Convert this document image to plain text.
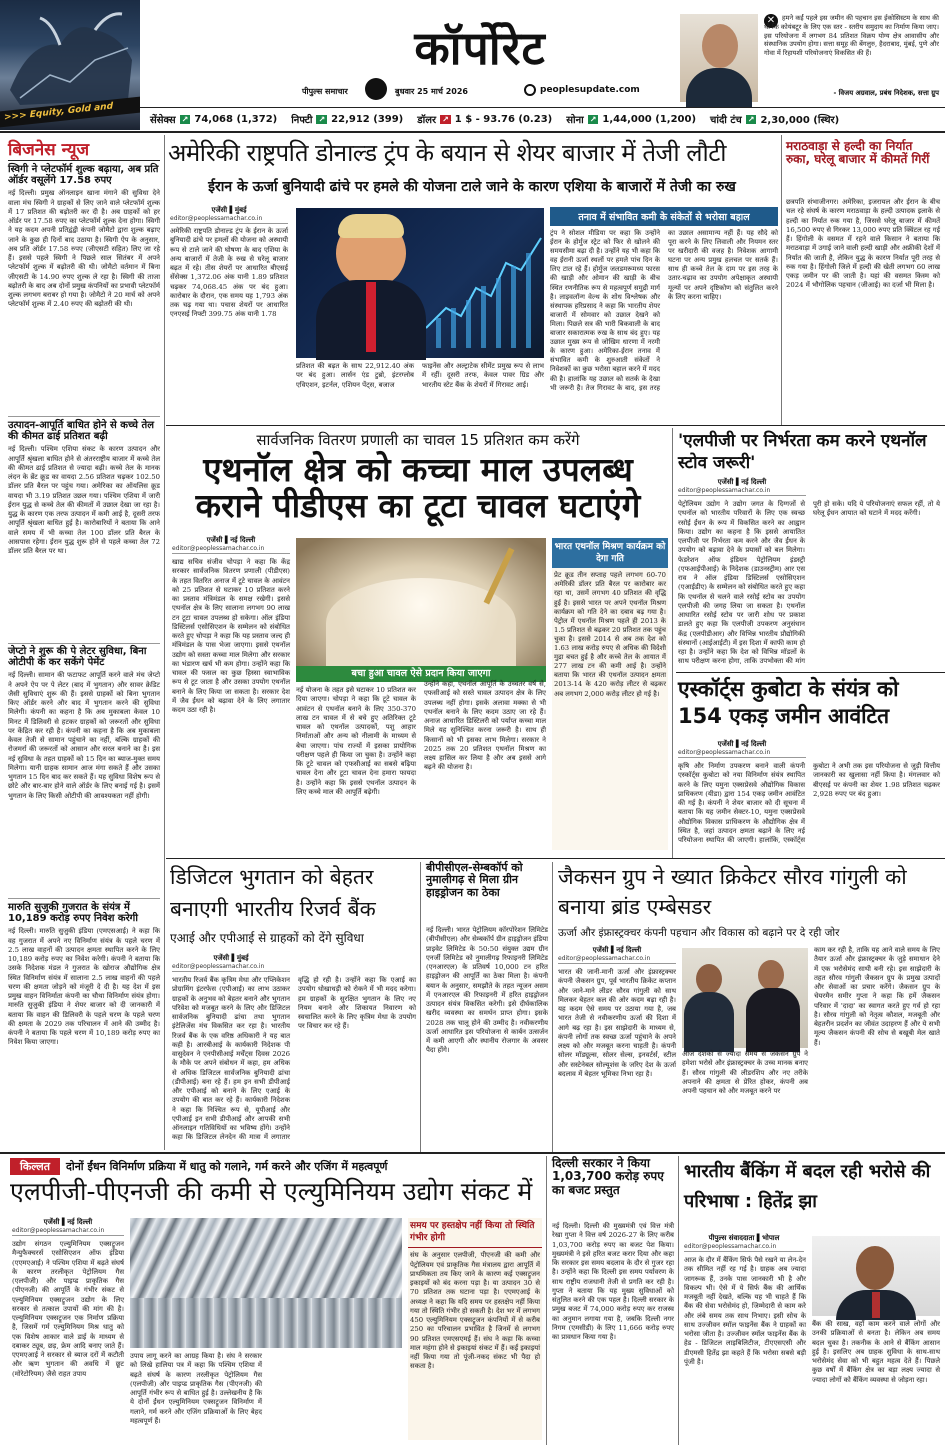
>>> Equity, Gold and
कॉर्पोरेट
पीपुल्स समाचार	बुधवार 25 मार्च 2026	peoplesupdate.com
✕	हमने कर्ई पहले इस जमीन की पहचान इस ईकोसिस्टम के साथ की थी कि कोयंबटूर के लिए एक स्तर - स्तरीय समुदाय का निर्माण किया जाए। इस परियोजना में लगभग 84 प्रतिशत विक्रय योग्य क्षेत्र आवासीय और संस्थानिक उपयोग होगा। सत्ता समूह की बेंगलुरु, हैदराबाद, मुंबई, पुणे और गोवा में रिहायशी परियोजनाएं विकसित की हैं।
- विजय अग्रवाल, प्रबंध निदेशक, सत्ता ग्रुप
सेंसेक्स ↗ 74,068 (1,372) निफ्टी ↗ 22,912 (399) डॉलर ↗ 1 $ - 93.76 (0.23) सोना ↗ 1,44,000 (1,200) चांदी टंच ↗ 2,30,000 (स्थिर)
बिजनेस न्यूज
स्विगी ने प्लेटफॉर्म शुल्क बढ़ाया, अब प्रति ऑर्डर वसूलेंगे 17.58 रुपए
नई दिल्ली। प्रमुख ऑनलाइन खाना मंगाने की सुविधा देने वाला मंच स्विगी ने ग्राहकों से लिए जाने वाले प्लेटफॉर्म शुल्क में 17 प्रतिशत की बढ़ोतरी कर दी है। अब ग्राहकों को हर ऑर्डर पर 17.58 रुपए का प्लेटफॉर्म शुल्क देना होगा। स्विगी ने यह कदम अपनी प्रतिद्वंद्वी कंपनी जोमैटो द्वारा शुल्क बढ़ाए जाने के कुछ ही दिनों बाद उठाया है। स्विगी ऐप के अनुसार, अब प्रति ऑर्डर 17.58 रुपए (जीएसटी सहित) लिए जा रहे हैं। इससे पहले स्विगी ने पिछले साल सितंबर में अपने प्लेटफॉर्म शुल्क में बढ़ोतरी की थी। जोमैटो वर्तमान में बिना जीएसटी के 14.90 रुपए शुल्क ले रहा है। स्विगी की ताजा बढ़ोतरी के बाद अब दोनों प्रमुख कंपनियों का प्रभावी प्लेटफॉर्म शुल्क लगभग बराबर हो गया है। जोमैटो ने 20 मार्च को अपने प्लेटफॉर्म शुल्क में 2.40 रुपए की बढ़ोतरी की थी।
उत्पादन-आपूर्ति बाधित होने से कच्चे तेल की कीमत ढाई प्रतिशत बढ़ी
नई दिल्ली। पश्चिम एशिया संकट के कारण उत्पादन और आपूर्ति श्रृंखला बाधित होने से अंतरराष्ट्रीय बाजार में कच्चे तेल की कीमत ढाई प्रतिशत से ज्यादा बढ़ी। कच्चे तेल के मानक लंदन के ब्रेंट क्रूड का वायदा 2.56 प्रतिशत चढ़कर 102.50 डॉलर प्रति बैरल पर पहुंच गया। अमेरिका का ऑयलिस क्रूड वायदा भी 3.19 प्रतिशत उछल गया। पश्चिम एशिया में जारी ईरान युद्ध से कच्चे तेल की कीमतों में उछाल देखा जा रहा है। युद्ध के कारण एक तरफ उत्पादन में कमी आई है, दूसरी तरफ आपूर्ति श्रृंखला बाधित हुई है। कारोबारियों ने बताया कि आने वाले समय में भी कच्चा तेल 100 डॉलर प्रति बैरल के आसपास रहेगा। ईरान युद्ध शुरू होने से पहले कच्चा तेल 72 डॉलर प्रति बैरल पर था।
जेप्टो ने शुरू की पे लेटर सुविधा, बिना ओटीपी के कर सकेंगे पेमेंट
नई दिल्ली। सामान की फटाफट आपूर्ति करने वाले मंच जेप्टो ने अपने ऐप पर पे लेटर (बाद में भुगतान) और सावर क्रेडिट जैसी सुविधाएं शुरू की हैं। इससे ग्राहकों को बिना भुगतान किए ऑर्डर करने और बाद में भुगतान करने की सुविधा मिलेगी। कंपनी का कहना है कि अब मुकाबला केवल 10 मिनट में डिलिवरी से हटकर ग्राहकों को जरूरतों और सुविधा पर केंद्रित कर रही है। कंपनी का कहना है कि अब मुकाबला केवल तेजी से सामान पहुंचाने का नहीं, बल्कि ग्राहकों की रोजमर्रा की जरूरतों को आसान और सरल बनाने का है। इस नई सुविधा के तहत ग्राहकों को 15 दिन का ब्याज-मुक्त समय मिलेगा। यानी ग्राहक सामान आज मंगा सकते हैं और उसका भुगतान 15 दिन बाद कर सकते हैं। यह सुविधा विशेष रूप से छोटे और बार-बार होने वाले ऑर्डर के लिए बनाई गई है। इसमें भुगतान के लिए किसी ओटीपी की आवश्यकता नहीं होगी।
मारुति सुजुकी गुजरात के संयंत्र में 10,189 करोड़ रुपए निवेश करेगी
नई दिल्ली। मारुति सुजुकी इंडिया (एमएसआई) ने कहा कि वह गुजरात में अपने नए विनिर्माण संयंत्र के पहले चरण में 2.5 लाख वाहनों की उत्पादन क्षमता स्थापित करने के लिए 10,189 करोड़ रुपए का निवेश करेगी। कंपनी ने बताया कि उसके निदेशक मंडल ने गुजरात के खोराज औद्योगिक क्षेत्र स्थित विनिर्माण संयंत्र में सालाना 2.5 लाख वाहनों की पहले चरण की क्षमता जोड़ने को मंजूरी दे दी है। यह देश में इस प्रमुख वाहन विनिर्माता कंपनी का चौथा विनिर्माण संयंत्र होगा। मारुति सुजुकी इंडिया ने शेयर बाजार को दी जानकारी में बताया कि वाहन की डिलिवरी के पहले चरण के पहले चरण की क्षमता के 2029 तक परिचालन में आने की उम्मीद है। कंपनी ने बताया कि पहले चरण में 10,189 करोड़ रुपए का निवेश किया जाएगा।
अमेरिकी राष्ट्रपति डोनाल्ड ट्रंप के बयान से शेयर बाजार में तेजी लौटी
ईरान के ऊर्जा बुनियादी ढांचे पर हमले की योजना टाले जाने के कारण एशिया के बाजारों में तेजी का रुख
एजेंसी ▌मुंबई
editor@peoplessamachar.co.in
अमेरिकी राष्ट्रपति डोनाल्ड ट्रंप के ईरान के ऊर्जा बुनियादी ढांचे पर हमलों की योजना को अस्थायी रूप से टाले जाने की घोषणा के बाद एशिया के अन्य बाजारों में तेजी के रुख से घरेलू बाजार बढ़त में रहे। तीस शेयरों पर आधारित बीएसई सेंसेक्स 1,372.06 अंक यानी 1.89 प्रतिशत चढ़कर 74,068.45 अंक पर बंद हुआ। कारोबार के दौरान, एक समय यह 1,793 अंक तक चढ़ गया था। पचास शेयरों पर आधारित एनएसई निफ्टी 399.75 अंक यानी 1.78
प्रतिशत की बढ़त के साथ 22,912.40 अंक पर बंद हुआ। लार्सन एंड टुब्रो, इंटरग्लोब एविएशन, इटर्नल, एशियन पेंट्स, बजाज
फाइनेंस और अल्ट्राटेक सीमेंट प्रमुख रूप से लाभ में रहीं। दूसरी तरफ, केवल पावर ग्रिड और भारतीय स्टेट बैंक के शेयरों में गिरावट आई।
तनाव में संभावित कमी के संकेतों से भरोसा बहाल
ट्रंप ने सोशल मीडिया पर कहा कि उन्होंने ईरान के होर्मुज स्ट्रेट को फिर से खोलने की समयसीमा बढ़ा दी है। उन्होंने यह भी कहा कि वह ईरानी ऊर्जा स्थलों पर हमले पांच दिन के लिए टाल रहे हैं। होर्मुज जलडमरूमध्य फारस की खाड़ी और ओमान की खाड़ी के बीच स्थित रणनीतिक रूप से महत्वपूर्ण समुद्री मार्ग है। लाइवलॉन्ग वेल्थ के शोध विश्लेषक और संस्थापक हरिप्रसाद ने कहा कि भारतीय शेयर बाजारों में सोमवार को उछाल देखने को मिला। पिछले सत्र की भारी बिकवाली के बाद बाजार सकारात्मक रुख के साथ बंद हुए। यह उछाल मुख्य रूप से जोखिम धारणा में नरमी के कारण हुआ। अमेरिका-ईरान तनाव में संभावित कमी के शुरुआती संकेतों ने निवेशकों का कुछ भरोसा बहाल करने में मदद की है। हालांकि यह उछाल को सतर्क के देखा भी जरूरी है। तेज गिरावट के बाद, इस तरह का उछाल असामान्य नहीं हैं। यह सौदे को पूरा करने के लिए लिवाली और नियमन स्तर पर खरीदारी की वजह है। निवेशक आगामी घटना पर अन्य प्रमुख हलचल पर सतर्क हैं। साथ ही कच्चे तेल के दाम पर इस तरह के उतार-चढ़ाव का उपयोग अपेक्षाकृत अस्थायी मूल्यों पर अपने दृष्टिकोण को संतुलित करने के लिए करना चाहिए।
मराठवाड़ा से हल्दी का निर्यात रुका, घरेलू बाजार में कीमतें गिरीं
छत्रपति संभाजीनगर। अमेरिका, इजरायल और ईरान के बीच चल रहे संघर्ष के कारण मराठवाड़ा के हल्दी उत्पादक इलाके से हल्दी का निर्यात रुक गया है, जिससे घरेलू बाजार में कीमतें 16,500 रुपए से गिरकर 13,000 रुपए प्रति क्विंटल रह गई हैं। हिंगोली के वसमत में रहने वाले किसान ने बताया कि मराठवाड़ा में उगाई जाने वाली हल्दी खाड़ी और अफ्रीकी देशों में निर्यात की जाती है, लेकिन युद्ध के कारण निर्यात पूरी तरह से रुक गया है। हिंगोली जिले में हल्दी की खेती लगभग 60 लाख एकड़ जमीन पर की जाती है। यहां की वसमत किस्म को 2024 में भौगोलिक पहचान (जीआई) का दर्जा भी मिला है।
सार्वजनिक वितरण प्रणाली का चावल 15 प्रतिशत कम करेंगे
एथनॉल क्षेत्र को कच्चा माल उपलब्ध कराने पीडीएस का टूटा चावल घटाएंगे
एजेंसी ▌नई दिल्ली
editor@peoplessamachar.co.in
खाद्य सचिव संजीव चोपड़ा ने कहा कि केंद्र सरकार सार्वजनिक वितरण प्रणाली (पीडीएस) के तहत वितरित अनाज में टूटे चावल के आवंटन को 25 प्रतिशत से घटाकर 10 प्रतिशत करने का प्रस्ताव मंत्रिमंडल के समक्ष रखेगी। इससे एथनॉल क्षेत्र के लिए सालाना लगभग 90 लाख टन टूटा चावल उपलब्ध हो सकेगा। ऑल इंडिया डिस्टिलर्स एसोसिएशन के सम्मेलन को संबोधित करते हुए चोपड़ा ने कहा कि यह प्रस्ताव जल्द ही मंत्रिमंडल के पास भेजा जाएगा। इससे एथनॉल उद्योग को सस्ता कच्चा माल मिलेगा और सरकार का भंडारण खर्च भी कम होगा। उन्होंने कहा कि चावल की फसल का कुछ हिस्सा स्वाभाविक रूप से टूट जाता है और उसका उपयोग एथनॉल बनाने के लिए किया जा सकता है। सरकार देश में जैव ईंधन को बढ़ावा देने के लिए लगातार कदम उठा रही है।
बचा हुआ चावल ऐसे प्रदान किया जाएगा
नई योजना के तहत इसे घटाकर 10 प्रतिशत कर दिया जाएगा। चोपड़ा ने कहा कि टूटे चावल के आवंटन से एथनॉल बनाने के लिए 350-370 लाख टन चावल में से बचे हुए अतिरिक्त टूटे चावल को एथनॉल उत्पादकों, पशु आहार निर्माताओं और अन्य को नीलामी के माध्यम से बेचा जाएगा। पांच राज्यों में इसका प्रायोगिक परीक्षण पहले ही किया जा चुका है। उन्होंने कहा कि टूटे चावल को एफसीआई का सबसे बढ़िया चावल देना और टूटा चावल देना हमारा फायदा है। उन्होंने कहा कि इससे एथनॉल उत्पादन के लिए कच्चे माल की आपूर्ति बढ़ेगी।
उन्होंने कहा, एथनॉल आपूर्ति के उच्चतर वर्ष से, एफसीआई को सस्ते चावल उत्पादन क्षेत्र के लिए उपलब्ध नहीं होगा। इसके अलावा मक्का से भी एथनॉल बनाने के लिए कदम उठाए जा रहे हैं। अनाज आधारित डिस्टिलरी को पर्याप्त कच्चा माल मिले यह सुनिश्चित करना जरूरी है। साथ ही किसानों को भी इसका लाभ मिलेगा। सरकार ने 2025 तक 20 प्रतिशत एथनॉल मिश्रण का लक्ष्य हासिल कर लिया है और अब इससे आगे बढ़ने की योजना है।
भारत एथनॉल मिश्रण कार्यक्रम को देगा गति
प्रेट क्रूड तीन सप्ताह पहले लगभग 60-70 अमेरिकी डॉलर प्रति बैरल पर कारोबार कर रहा था, उसमें लगभग 40 प्रतिशत की वृद्धि हुई है। इससे भारत पर अपने एथनॉल मिश्रण कार्यक्रम को गति देने का दबाव बढ़ गया है। पेट्रोल में एथनॉल मिश्रण पहले ही 2013 के 1.5 प्रतिशत से बढ़कर 20 प्रतिशत तक पहुंच चुका है। इससे 2014 से अब तक देश को 1.63 लाख करोड़ रुपए से अधिक की विदेशी मुद्रा बचत हुई है और कच्चे तेल के आयात में 277 लाख टन की कमी आई है। उन्होंने बताया कि भारत की एथनॉल उत्पादन क्षमता 2013-14 के 420 करोड़ लीटर से बढ़कर अब लगभग 2,000 करोड़ लीटर हो गई है।
'एलपीजी पर निर्भरता कम करने एथनॉल स्टोव जरूरी'
एजेंसी ▌नई दिल्ली
editor@peoplessamachar.co.in
पेट्रोलियम उद्योग ने उद्योग जगत के दिग्गजों से एथनॉल को भारतीय परिवारों के लिए एक स्वच्छ रसोई ईंधन के रूप में विकसित करने का आह्वान किया। उद्योग का कहना है कि इससे आयातित एलपीजी पर निर्भरता कम करने और जैव ईंधन के उपयोग को बढ़ावा देने के प्रयासों को बल मिलेगा। फेडरेशन ऑफ इंडियन पेट्रोलियम इंडस्ट्री (एफआईपीआई) के निदेशक (डाउनस्ट्रीम) आर एस राव ने ऑल इंडिया डिस्टिलर्स एसोसिएशन (एआईडीए) के सम्मेलन को संबोधित करते हुए कहा कि एथनॉल से चलने वाले रसोई स्टोव का उपयोग एलपीजी की जगह लिया जा सकता है। एथनॉल आधारित रसोई स्टोव पर जारी शोध पर प्रकाश डालते हुए कहा कि एलपीजी उपकरण अनुसंधान केंद्र (एलपीडीआर) और विभिन्न भारतीय प्रौद्योगिकी संस्थानों (आईआईटी) में इस दिशा में काफी काम हो रहा है। उन्होंने कहा कि देश को विभिन्न मॉडलों के साथ परीक्षण करना होगा, ताकि उपभोक्ता की मांग पूरी हो सके। यदि ये परियोजनाएं सफल रहीं, तो ये घरेलू ईंधन आयात को घटाने में मदद करेंगी।
एस्कॉर्ट्स कुबोटा के संयंत्र को 154 एकड़ जमीन आवंटित
एजेंसी ▌नई दिल्ली
editor@peoplessamachar.co.in
कृषि और निर्माण उपकरण बनाने वाली कंपनी एस्कॉर्ट्स कुबोटा को नया विनिर्माण संयंत्र स्थापित करने के लिए यमुना एक्सप्रेसवे औद्योगिक विकास प्राधिकरण (यीडा) द्वारा 154 एकड़ जमीन आवंटित की गई है। कंपनी ने शेयर बाजार को दी सूचना में बताया कि यह जमीन सेक्टर-10, यमुना एक्सप्रेसवे औद्योगिक विकास प्राधिकरण के औद्योगिक क्षेत्र में स्थित है, जहां उत्पादन क्षमता बढ़ाने के लिए नई परियोजना स्थापित की जाएगी। हालांकि, एस्कॉर्ट्स कुबोटा ने अभी तक इस परियोजना से जुड़ी वित्तीय जानकारी का खुलासा नहीं किया है। मंगलवार को बीएसई पर कंपनी का शेयर 1.98 प्रतिशत चढ़कर 2,928 रुपए पर बंद हुआ।
डिजिटल भुगतान को बेहतर बनाएगी भारतीय रिजर्व बैंक
एआई और एपीआई से ग्राहकों को देंगे सुविधा
एजेंसी ▌मुंबई
editor@peoplessamachar.co.in
भारतीय रिजर्व बैंक कृत्रिम मेधा और एप्लिकेशन प्रोग्रामिंग इंटरफेस (एपीआई) का लाभ उठाकर ग्राहकों के अनुभव को बेहतर बनाने और भुगतान परिवेश को मजबूत करने के लिए और डिजिटल सार्वजनिक बुनियादी ढांचा तथा भुगतान इंटेलिजेंस मंच विकसित कर रहा है। भारतीय रिजर्व बैंक के एक वरिष्ठ अधिकारी ने यह बात कही है। आरबीआई के कार्यकारी निदेशक पी वासुदेवन ने एनपीसीआई मर्चेंट्स दिवस 2026 के मौके पर अपने संबोधन में कहा, हम अधिक से अधिक डिजिटल सार्वजनिक बुनियादी ढांचा (डीपीआई) बना रहे हैं। हम इन सभी डीपीआई और एपीआई को बनाने के लिए एआई के उपयोग की बात कर रहे हैं। कार्यकारी निदेशक ने कहा कि निश्चित रूप से, यूपीआई और एपीआई इन सभी डीपीआई और आपकी सभी ऑनलाइन गतिविधियों का भविष्य होंगे। उन्होंने कहा कि डिजिटल लेनदेन की मात्रा में लगातार वृद्धि हो रही है। उन्होंने कहा कि एआई का उपयोग धोखाधड़ी को रोकने में भी मदद करेगा। हम ग्राहकों के सुरक्षित भुगतान के लिए नए नियम बनाने और शिकायत निवारण को स्वचालित करने के लिए कृत्रिम मेधा के उपयोग पर विचार कर रहे हैं।
बीपीसीएल-सेम्बकॉर्प को नुमालीगढ़ से मिला ग्रीन हाइड्रोजन का ठेका
नई दिल्ली। भारत पेट्रोलियम कॉरपोरेशन लिमिटेड (बीपीसीएल) और सेम्बकॉर्प ग्रीन हाइड्रोजन इंडिया प्राइवेट लिमिटेड के 50:50 संयुक्त उद्यम ग्रीन एनर्जी लिमिटेड को नुमालीगढ़ रिफाइनरी लिमिटेड (एनआरएल) के प्रतिवर्ष 10,000 टन हरित हाइड्रोजन की आपूर्ति का ठेका मिला है। कंपनी बयान के अनुसार, समझौते के तहत न्यूजन असम में एनआरएल की रिफाइनरी में हरित हाइड्रोजन उत्पादन संयंत्र विकसित करेगी। इसे दीर्घकालिक खरीद व्यवस्था का समर्थन प्राप्त होगा। इसके 2028 तक चालू होने की उम्मीद है। नवीकरणीय ऊर्जा आधारित इस परियोजना से कार्बन उत्सर्जन में कमी आएगी और स्थानीय रोजगार के अवसर पैदा होंगे।
जैकसन ग्रुप ने ख्यात क्रिकेटर सौरव गांगुली को बनाया ब्रांड एम्बेसडर
ऊर्जा और इंफ्रास्ट्रक्चर कंपनी पहचान और विकास को बढ़ाने पर दे रही जोर
एजेंसी ▌नई दिल्ली
editor@peoplessamachar.co.in
भारत की जानी-मानी ऊर्जा और इंफ्रास्ट्रक्चर कंपनी जैकसन ग्रुप, पूर्व भारतीय क्रिकेट कप्तान और जाने-माने लीडर सौरव गांगुली को साथ मिलकर बेहतर कल की ओर कदम बढ़ा रही है। यह कदम ऐसे समय पर उठाया गया है, जब भारत तेजी से नवीकरणीय ऊर्जा की दिशा में आगे बढ़ रहा है। इस साझेदारी के माध्यम से, कंपनी लोगों तक स्वच्छ ऊर्जा पहुंचाने के अपने लक्ष्य को और मजबूत करना चाहती है। कंपनी सोलर मॉड्यूल्स, सोलर सेल्स, इनवर्टर्स, स्टील और सस्टेनेबल सोल्यूशंस के जरिए देश के ऊर्जा बदलाव में बेहतर भूमिका निभा रहा है।
आज दशकों से ज्यादा समय से जैकसन ग्रुप ने हमेशा भरोसे और इंफ्रास्ट्रक्चर के उच्च मानक बनाए हैं। सौरव गांगुली की लीडरशिप और नए तरीके अपनाने की क्षमता से प्रेरित होकर, कंपनी अब अपनी पहचान को और मजबूत करने पर
काम कर रही है, ताकि यह आने वाले समय के लिए तैयार ऊर्जा और इंफ्रास्ट्रक्चर के जुड़े समाधान देने में एक भरोसेमंद साथी बनी रहे। इस साझेदारी के तहत सौरव गांगुली जैकसन ग्रुप के प्रमुख उत्पादों और सेवाओं का प्रचार करेंगे। जैकसन ग्रुप के चेयरमैन समीर गुप्ता ने कहा कि हमें जैकसन परिवार में 'दादा' का स्वागत करते हुए गर्व हो रहा है। सौरव गांगुली को नेतृत्व कौशल, मजबूती और बेहतरीन प्रदर्शन का जीवंत उदाहरण हैं और ये सभी मूल्य जैकसन कंपनी की सोच से बखूबी मेल खाते हैं।
किल्लत	दोनों ईंधन विनिर्माण प्रक्रिया में धातु को गलाने, गर्म करने और एजिंग में महत्वपूर्ण
एलपीजी-पीएनजी की कमी से एल्युमिनियम उद्योग संकट में
एजेंसी ▌नई दिल्ली
editor@peoplessamachar.co.in
उद्योग संगठन एल्युमिनियम एक्सट्रूजन मैन्युफैक्चरर्स एसोसिएशन ऑफ इंडिया (एएमएआई) ने पश्चिम एशिया में बढ़ते संघर्ष के कारण तरलीकृत पेट्रोलियम गैस (एलपीजी) और पाइप्ड प्राकृतिक गैस (पीएनजी) की आपूर्ति के गंभीर संकट से एल्युमिनियम एक्सट्रूजन उद्योग के लिए सरकार से तत्काल उपायों की मांग की है। एल्युमिनियम एक्सट्रूजन एक निर्माण प्रक्रिया है, जिसमें गर्म एल्युमिनियम मिश्र धातु को एक विशेष आकार वाले डाई के माध्यम से दबाकर ट्यूब, छड़, फ्रेम आदि बनाए जाते हैं। एएमएआई ने सरकार से ब्याज दरों में कटौती और ऋण भुगतान की अवधि में छूट (मोरेटोरियम) जैसे राहत उपाय
उपाय लागू करने का आग्रह किया है। संघ ने सरकार को लिखे हालिया पत्र में कहा कि पश्चिम एशिया में बढ़ते संघर्ष के कारण तरलीकृत पेट्रोलियम गैस (एलपीजी) और पाइप्ड प्राकृतिक गैस (पीएनजी) की आपूर्ति गंभीर रूप से बाधित हुई है। उल्लेखनीय है कि ये दोनों ईंधन एल्युमिनियम एक्सट्रूजन विनिर्माण में गलाने, गर्म करने और एजिंग प्रक्रियाओं के लिए बेहद महत्वपूर्ण हैं।
समय पर हस्तक्षेप नहीं किया तो स्थिति गंभीर होगी
संघ के अनुसार एलपीजी, पीएनजी की कमी और पेट्रोलियम एवं प्राकृतिक गैस मंत्रालय द्वारा आपूर्ति में प्राथमिकता तय किए जाने के कारण कई एक्सट्रूजन इकाइयों को बंद करना पड़ा है। या उत्पादन 30 से 70 प्रतिशत तक घटाना पड़ा है। एएमएआई के अध्यक्ष ने कहा कि यदि समय पर हस्तक्षेप नहीं किया गया तो स्थिति गंभीर हो सकती है। देश भर में लगभग 450 एल्युमिनियम एक्सट्रूजन कंपनियों में से करीब 250 का परिचालन प्रभावित है जिनमें से लगभग 90 प्रतिशत एमएसएमई हैं। संघ ने कहा कि कच्चा माल महंगा होने से इकाइयां संकट में हैं। कर्ई इकाइयां नहीं किया गया तो पूंजी-नकद संकट भी पैदा हो सकता है।
दिल्ली सरकार ने किया 1,03,700 करोड़ रुपए का बजट प्रस्तुत
नई दिल्ली। दिल्ली की मुख्यमंत्री एवं वित्त मंत्री रेखा गुप्ता ने वित्त वर्ष 2026-27 के लिए करीब 1,03,700 करोड़ रुपए का बजट पेश किया। मुख्यमंत्री ने इसे हरित बजट करार दिया और कहा कि सरकार इस समय बदलाव के दौर से गुजर रहा है। उन्होंने कहा कि दिल्ली इस समय पर्यावरण के साथ राष्ट्रीय राजधानी तेजी से प्रगति कर रही है। गुप्ता ने बताया कि यह मुख्य सुविधाओं को संतुलित करने की एक पहल है। दिल्ली सरकार के प्रमुख बजट में 74,000 करोड़ रुपए कर राजस्व का अनुमान लगाया गया है, जबकि दिल्ली नगर निगम (एमसीडी) के लिए 11,666 करोड़ रुपए का प्रावधान किया गया है।
भारतीय बैंकिंग में बदल रही भरोसे की परिभाषा : हितेंद्र झा
पीपुल्स संवाददाता ▌भोपाल
editor@peoplessamachar.co.in
आज के दौर में बैंकिंग सिर्फ पैसे रखने या लेन-देन तक सीमित नहीं रह गई है। ग्राहक अब ज्यादा जागरूक हैं, उनके पास जानकारी भी है और विकल्प भी। ऐसे में ये सिर्फ बैंक की आर्थिक मजबूती नहीं देखते, बल्कि यह भी चाहते हैं कि बैंक की सेवा भरोसेमंद हो, जिम्मेदारी से काम करे और लंबे समय तक साथ निभाए। इसी सोच के साथ उज्जीवन स्मॉल फाइनेंस बैंक ने ग्राहकों का भरोसा जीता है। उज्जीवन स्मॉल फाइनेंस बैंक के हेड - डिजिटल लाइबिलिटीज, टीएएसएसी और डीएमसी हितेंद्र झा कहते हैं कि भरोसा सबसे बड़ी पूंजी है।
बैंक की साख, वहाँ काम करने वाले लोगों और उनकी प्रक्रियाओं से बनता है। लेकिन अब समय बदल चुका है। तकनीक के आने से बैंकिंग आसान हुई है। इसलिए अब ग्राहक सुविधा के साथ-साथ भरोसेमंद सेवा को भी बहुत महत्व देते हैं। पिछले कुछ वर्षों में बैंकिंग क्षेत्र का बड़ा लक्ष्य ज्यादा से ज्यादा लोगों को बैंकिंग व्यवस्था से जोड़ना रहा।
